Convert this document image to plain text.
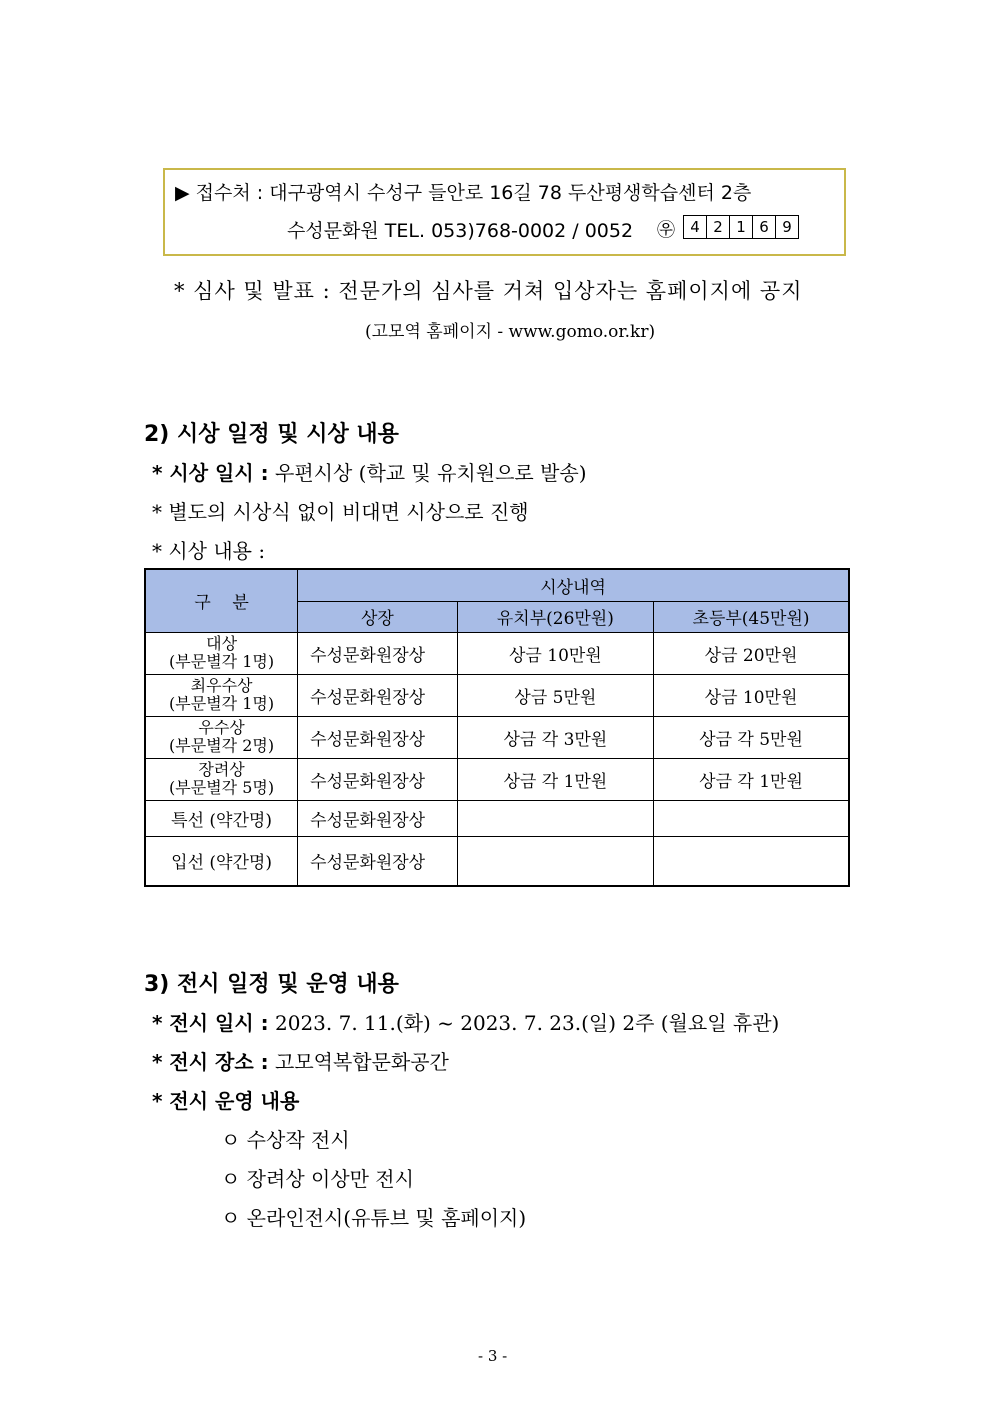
▶ 접수처 : 대구광역시 수성구 들안로 16길 78 두산평생학습센터 2층
수성문화원 TEL. 053)768-0002 / 0052 ㉾	4 2 1 6 9
* 심사 및 발표 : 전문가의 심사를 거쳐 입상자는 홈페이지에 공지
(고모역 홈페이지 - www.gomo.or.kr)
2) 시상 일정 및 시상 내용
* 시상 일시 : 우편시상 (학교 및 유치원으로 발송)
* 별도의 시상식 없이 비대면 시상으로 진행
* 시상 내용 :
구    분	시상내역		
	상장	유치부(26만원)	초등부(45만원)

대상
(부문별각 1명)	수성문화원장상	상금 10만원	상금 20만원

최우수상
(부문별각 1명)	수성문화원장상	상금 5만원	상금 10만원

우수상
(부문별각 2명)	수성문화원장상	상금 각 3만원	상금 각 5만원

장려상
(부문별각 5명)	수성문화원장상	상금 각 1만원	상금 각 1만원
특선 (약간명)	수성문화원장상		
입선 (약간명)	수성문화원장상		
3) 전시 일정 및 운영 내용
* 전시 일시 : 2023. 7. 11.(화) ~ 2023. 7. 23.(일) 2주 (월요일 휴관)
* 전시 장소 : 고모역복합문화공간
* 전시 운영 내용
ㅇ 수상작 전시
ㅇ 장려상 이상만 전시
ㅇ 온라인전시(유튜브 및 홈페이지)
- 3 -
